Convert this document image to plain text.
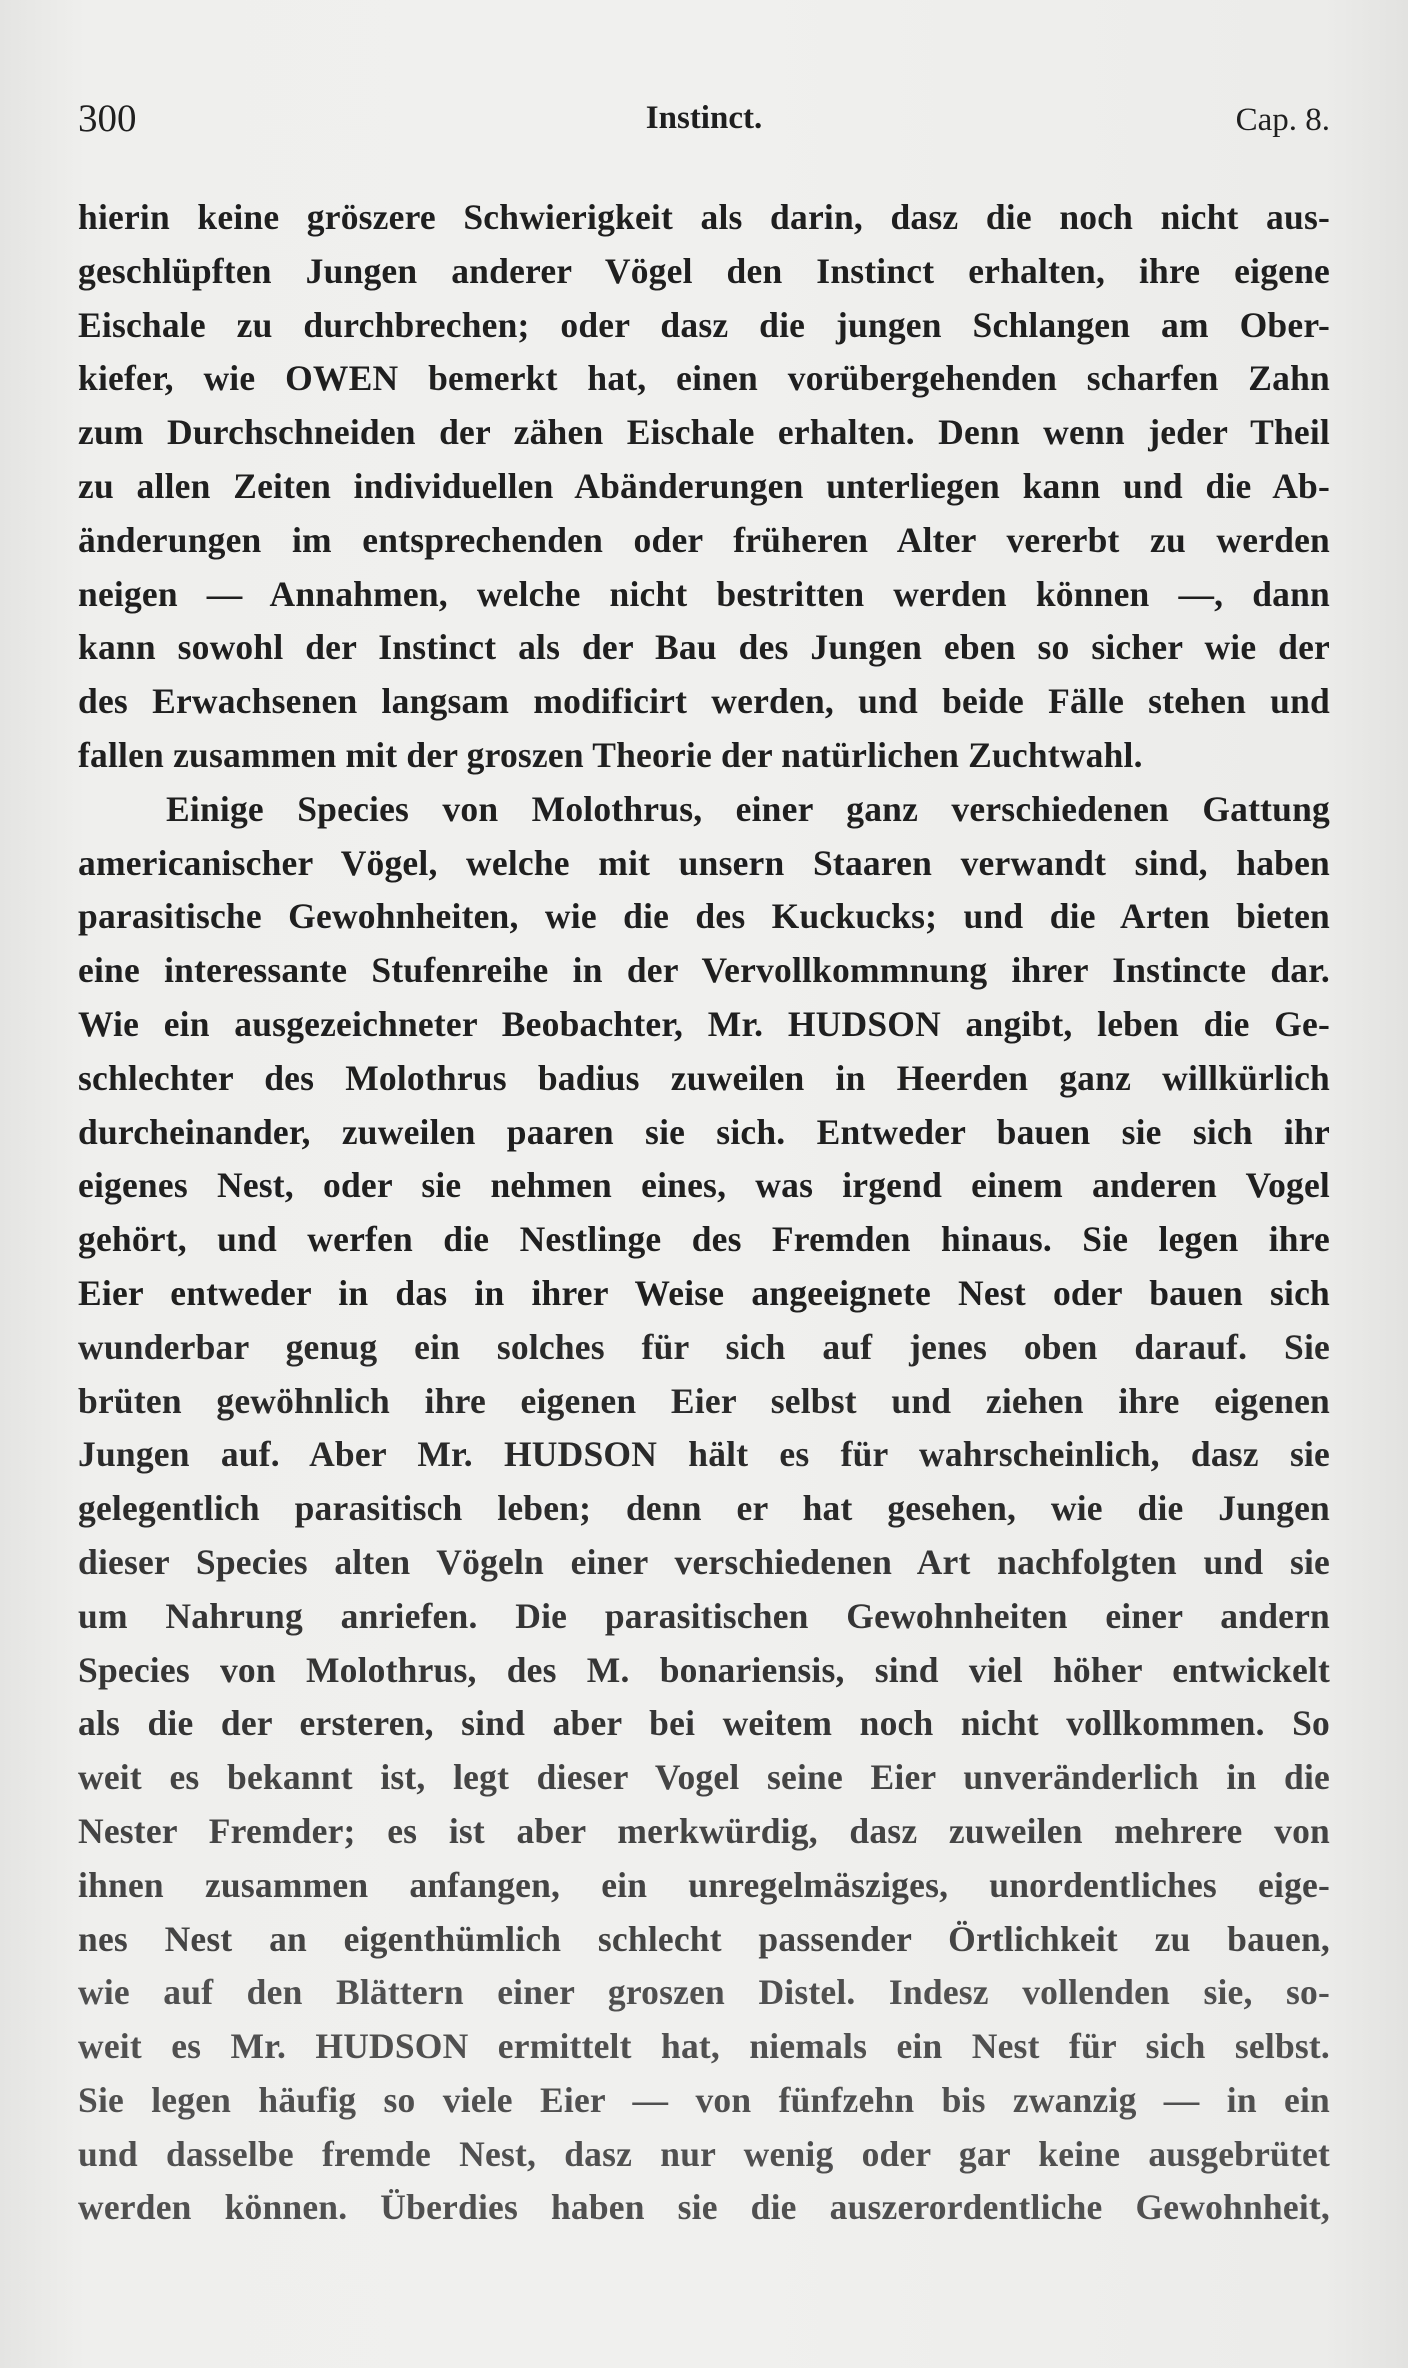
300	Instinct.	Cap. 8.
hierin keine grӧszere Schwierigkeit als darin, dasz die noch nicht aus-
geschlüpften Jungen anderer Vӧgel den Instinct erhalten, ihre eigene
Eischale zu durchbrechen; oder dasz die jungen Schlangen am Ober-
kiefer, wie OWEN bemerkt hat, einen vorübergehenden scharfen Zahn
zum Durchschneiden der zähen Eischale erhalten. Denn wenn jeder Theil
zu allen Zeiten individuellen Abänderungen unterliegen kann und die Ab-
änderungen im entsprechenden oder früheren Alter vererbt zu werden
neigen — Annahmen, welche nicht bestritten werden kӧnnen —, dann
kann sowohl der Instinct als der Bau des Jungen eben so sicher wie der
des Erwachsenen langsam modificirt werden, und beide Fälle stehen und
fallen zusammen mit der groszen Theorie der natürlichen Zuchtwahl.
Einige Species von Molothrus, einer ganz verschiedenen Gattung
americanischer Vӧgel, welche mit unsern Staaren verwandt sind, haben
parasitische Gewohnheiten, wie die des Kuckucks; und die Arten bieten
eine interessante Stufenreihe in der Vervollkommnung ihrer Instincte dar.
Wie ein ausgezeichneter Beobachter, Mr. HUDSON angibt, leben die Ge-
schlechter des Molothrus badius zuweilen in Heerden ganz willkürlich
durcheinander, zuweilen paaren sie sich. Entweder bauen sie sich ihr
eigenes Nest, oder sie nehmen eines, was irgend einem anderen Vogel
gehӧrt, und werfen die Nestlinge des Fremden hinaus. Sie legen ihre
Eier entweder in das in ihrer Weise angeeignete Nest oder bauen sich
wunderbar genug ein solches für sich auf jenes oben darauf. Sie
brüten gewӧhnlich ihre eigenen Eier selbst und ziehen ihre eigenen
Jungen auf. Aber Mr. HUDSON hält es für wahrscheinlich, dasz sie
gelegentlich parasitisch leben; denn er hat gesehen, wie die Jungen
dieser Species alten Vӧgeln einer verschiedenen Art nachfolgten und sie
um Nahrung anriefen. Die parasitischen Gewohnheiten einer andern
Species von Molothrus, des M. bonariensis, sind viel hӧher entwickelt
als die der ersteren, sind aber bei weitem noch nicht vollkommen. So
weit es bekannt ist, legt dieser Vogel seine Eier unveränderlich in die
Nester Fremder; es ist aber merkwürdig, dasz zuweilen mehrere von
ihnen zusammen anfangen, ein unregelmäsziges, unordentliches eige-
nes Nest an eigenthümlich schlecht passender Ӧrtlichkeit zu bauen,
wie auf den Blättern einer groszen Distel. Indesz vollenden sie, so-
weit es Mr. HUDSON ermittelt hat, niemals ein Nest für sich selbst.
Sie legen häufig so viele Eier — von fünfzehn bis zwanzig — in ein
und dasselbe fremde Nest, dasz nur wenig oder gar keine ausgebrütet
werden kӧnnen. Überdies haben sie die auszerordentliche Gewohnheit,
